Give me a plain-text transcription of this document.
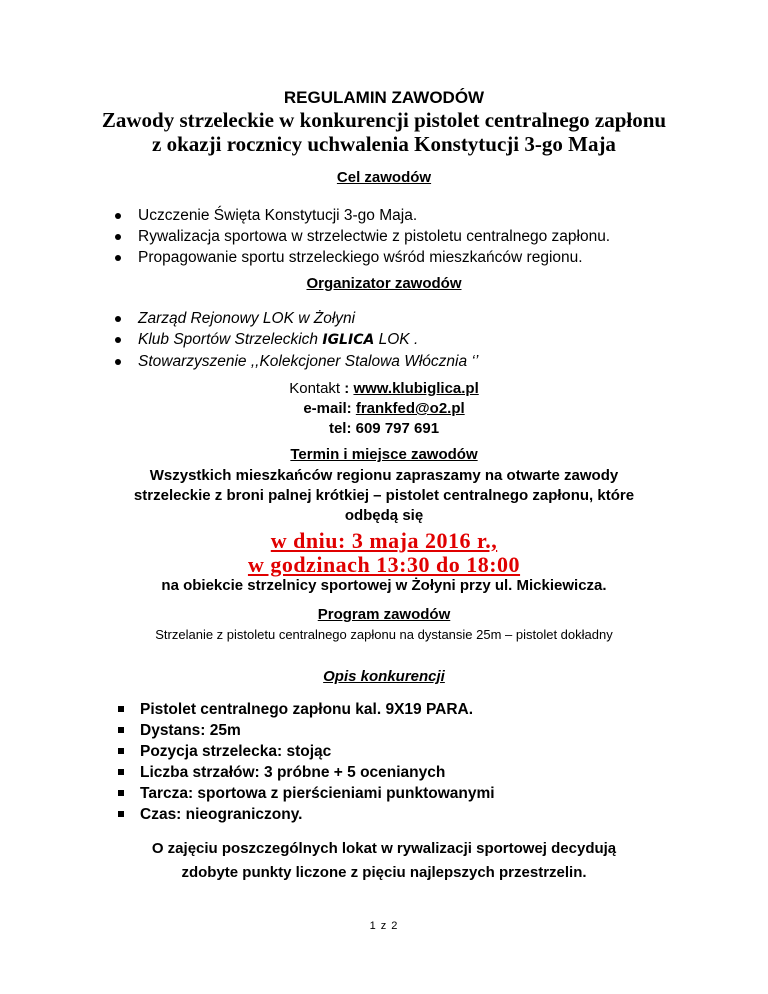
REGULAMIN ZAWODÓW
Zawody strzeleckie w konkurencji pistolet centralnego zapłonu
z okazji rocznicy uchwalenia Konstytucji 3-go Maja
Cel zawodów
Uczczenie Święta Konstytucji 3-go Maja.
Rywalizacja sportowa w strzelectwie z pistoletu centralnego zapłonu.
Propagowanie sportu strzeleckiego wśród mieszkańców regionu.
Organizator zawodów
Zarząd Rejonowy LOK w Żołyni
Klub Sportów Strzeleckich IGLICA LOK .
Stowarzyszenie ,,Kolekcjoner Stalowa Włócznia ‘’
Kontakt : www.klubiglica.pl
e-mail: frankfed@o2.pl
tel: 609 797 691
Termin i miejsce zawodów
Wszystkich mieszkańców regionu zapraszamy na otwarte zawody
strzeleckie z broni palnej krótkiej – pistolet centralnego zapłonu, które
odbędą się
w dniu: 3 maja 2016 r.,
w godzinach 13:30 do 18:00
na obiekcie strzelnicy sportowej w Żołyni przy ul. Mickiewicza.
Program zawodów
Strzelanie z pistoletu centralnego zapłonu na dystansie 25m – pistolet dokładny
Opis konkurencji
Pistolet centralnego zapłonu kal. 9X19 PARA.
Dystans: 25m
Pozycja strzelecka: stojąc
Liczba strzałów: 3 próbne + 5 ocenianych
Tarcza: sportowa z pierścieniami punktowanymi
Czas: nieograniczony.
O zajęciu poszczególnych lokat w rywalizacji sportowej decydują
zdobyte punkty liczone z pięciu najlepszych przestrzelin.
1 z 2
